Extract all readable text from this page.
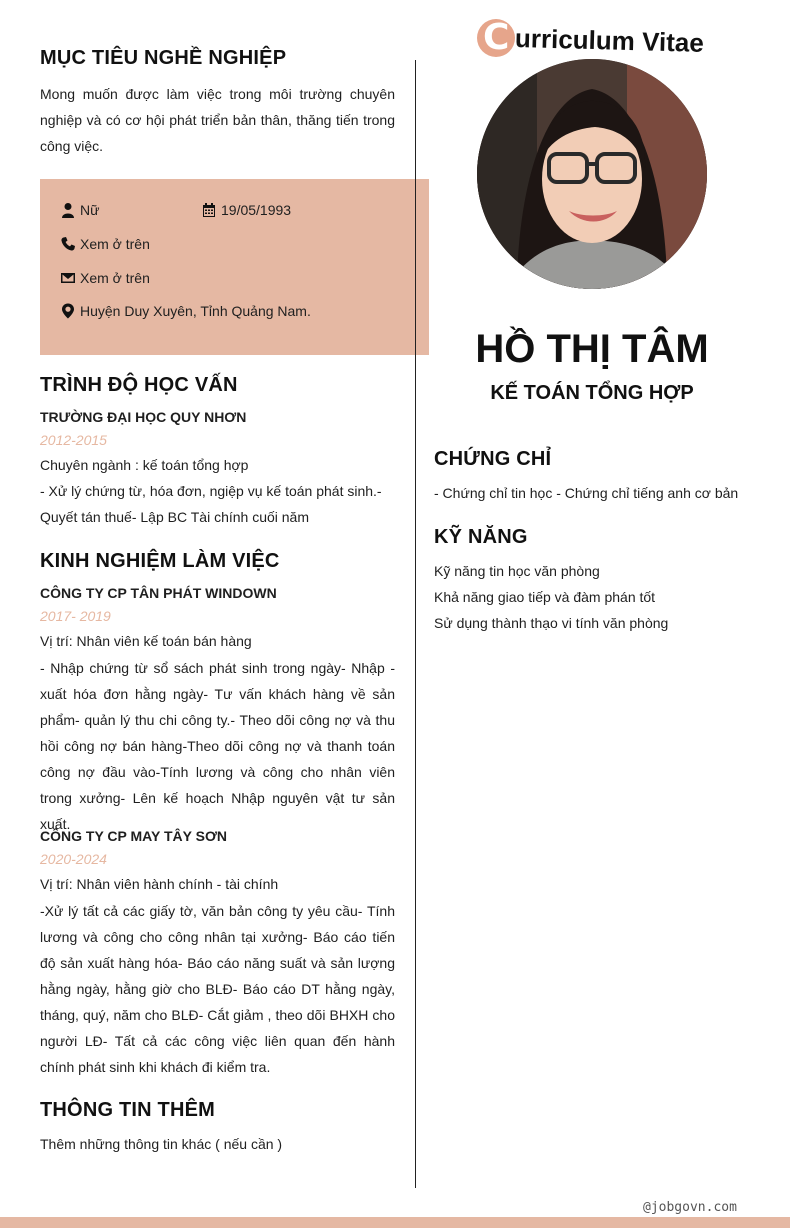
MỤC TIÊU NGHỀ NGHIỆP

Mong muốn được làm việc trong môi trường chuyên nghiệp và có cơ hội phát triển bản thân, thăng tiến trong công việc.

TRÌNH ĐỘ HỌC VẤN

TRƯỜNG ĐẠI HỌC QUY NHƠN

2012-2015

Chuyên ngành : kế toán tổng hợp

- Xử lý chứng từ, hóa đơn, ngiệp vụ kế toán phát sinh.-

Quyết tán thuế- Lập BC Tài chính cuối năm

KINH NGHIỆM LÀM VIỆC

CÔNG TY CP TÂN PHÁT WINDOWN

2017- 2019

Vị trí: Nhân viên kế toán bán hàng

- Nhập chứng từ sổ sách phát sinh trong ngày- Nhập - xuất hóa đơn hằng ngày- Tư vấn khách hàng về sản phẩm- quản lý thu chi công ty.- Theo dõi công nợ và thu hồi công nợ bán hàng-Theo dõi công nợ và thanh toán công nợ đầu vào-Tính lương và công cho nhân viên trong xưởng- Lên kế hoạch Nhập nguyên vật tư sản xuất.

CÔNG TY CP MAY TÂY SƠN

2020-2024

Vị trí: Nhân viên hành chính - tài chính

-Xử lý tất cả các giấy tờ, văn bản công ty yêu cầu- Tính lương và công cho công nhân tại xưởng- Báo cáo tiến độ sản xuất hàng hóa- Báo cáo năng suất và sản lượng hằng ngày, hằng giờ cho BLĐ- Báo cáo DT hằng ngày, tháng, quý, năm cho BLĐ- Cắt giảm , theo dõi BHXH cho người LĐ- Tất cả các công việc liên quan đến hành chính phát sinh khi khách đi kiểm tra.

THÔNG TIN THÊM

Thêm những thông tin khác ( nếu cần )

Nữ	19/05/1993
Xem ở trên
Xem ở trên
Huyện Duy Xuyên, Tỉnh Quảng Nam.
C urriculum Vitae
HỒ THỊ TÂM
KẾ TOÁN TỔNG HỢP
CHỨNG CHỈ

- Chứng chỉ tin học - Chứng chỉ tiếng anh cơ bản

KỸ NĂNG

Kỹ năng tin học văn phòng

Khả năng giao tiếp và đàm phán tốt

Sử dụng thành thạo vi tính văn phòng

@jobgovn.com
